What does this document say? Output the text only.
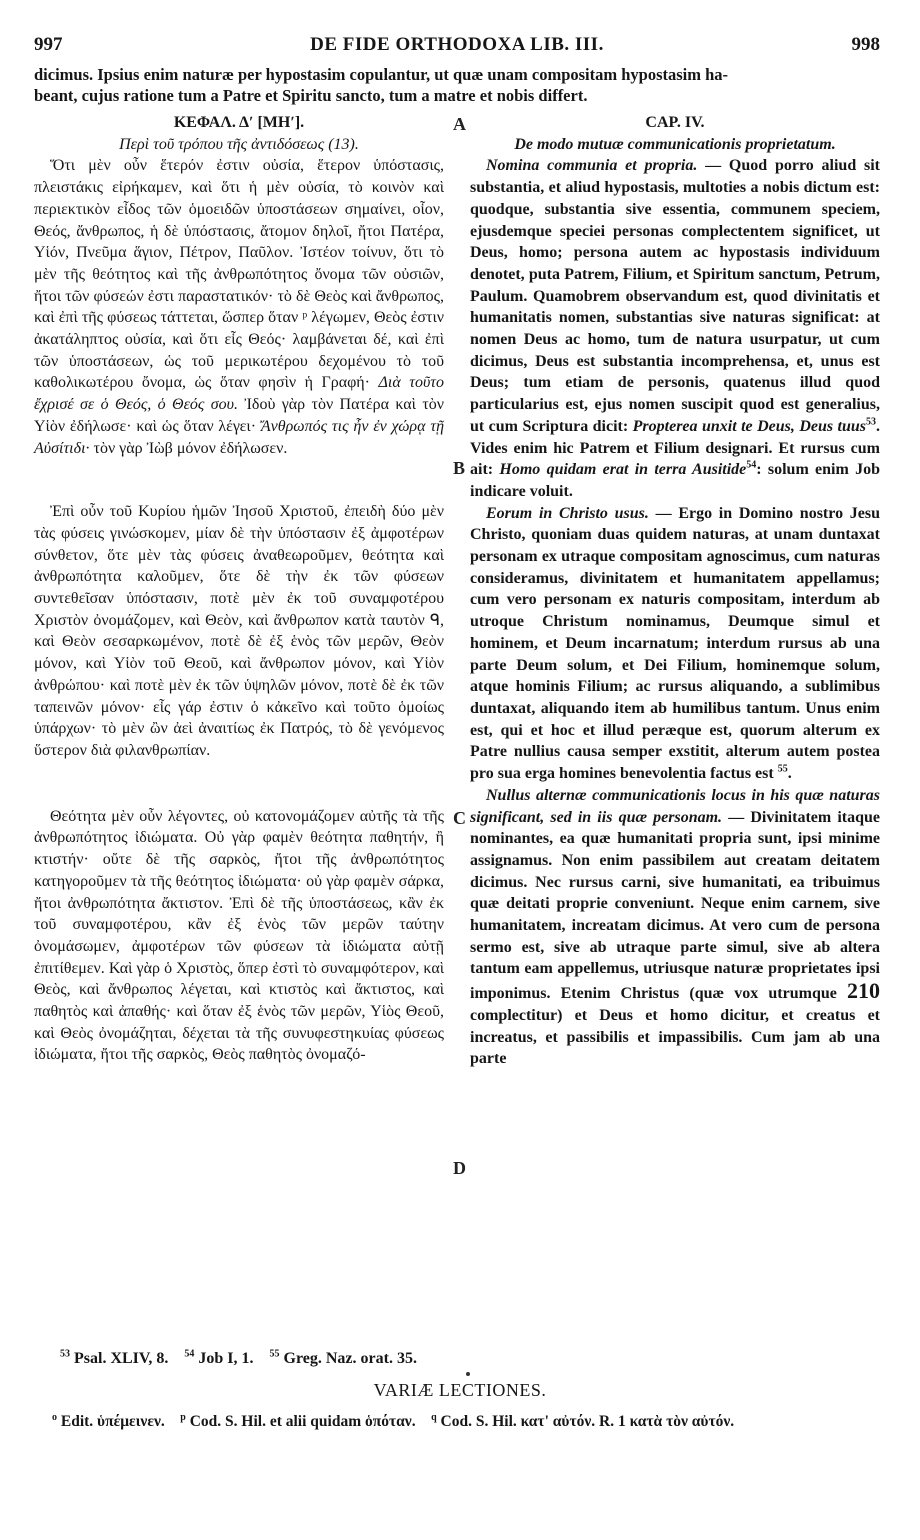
997	DE FIDE ORTHODOXA LIB. III.	998
dicimus. Ipsius enim naturæ per hypostasim copulantur, ut quæ unam compositam hypostasim ha-
beant, cujus ratione tum a Patre et Spiritu sancto, tum a matre et nobis differt.

ΚΕΦΑΛ. Δʹ [ΜΗʹ].

Περὶ τοῦ τρόπου τῆς ἀντιδόσεως (13).

Ὅτι μὲν οὖν ἕτερόν ἐστιν οὐσία, ἕτερον ὑπόστασις, πλειστάκις εἰρήκαμεν, καὶ ὅτι ἡ μὲν οὐσία, τὸ κοινὸν καὶ περιεκτικὸν εἶδος τῶν ὁμοειδῶν ὑποστάσεων σημαίνει, οἷον, Θεός, ἄνθρωπος, ἡ δὲ ὑπόστασις, ἄτομον δηλοῖ, ἤτοι Πατέρα, Υἱόν, Πνεῦμα ἅγιον, Πέτρον, Παῦλον. Ἰστέον τοίνυν, ὅτι τὸ μὲν τῆς θεότητος καὶ τῆς ἀνθρωπότητος ὄνομα τῶν οὐσιῶν, ἤτοι τῶν φύσεών ἐστι παραστατικόν· τὸ δὲ Θεὸς καὶ ἄνθρωπος, καὶ ἐπὶ τῆς φύσεως τάττεται, ὥσπερ ὅταν ᵖ λέγωμεν, Θεὸς ἐστιν ἀκατάληπτος οὐσία, καὶ ὅτι εἷς Θεός· λαμβάνεται δέ, καὶ ἐπὶ τῶν ὑποστάσεων, ὡς τοῦ μερικωτέρου δεχομένου τὸ τοῦ καθολικωτέρου ὄνομα, ὡς ὅταν φησὶν ἡ Γραφή· Διὰ τοῦτο ἔχρισέ σε ὁ Θεός, ὁ Θεός σου. Ἰδοὺ γὰρ τὸν Πατέρα καὶ τὸν Υἱὸν ἐδήλωσε· καὶ ὡς ὅταν λέγει· Ἄνθρωπός τις ἦν ἐν χώρᾳ τῇ Αὐσίτιδι· τὸν γὰρ Ἰὼβ μόνον ἐδήλωσεν.

Ἐπὶ οὖν τοῦ Κυρίου ἡμῶν Ἰησοῦ Χριστοῦ, ἐπειδὴ δύο μὲν τὰς φύσεις γινώσκομεν, μίαν δὲ τὴν ὑπόστασιν ἐξ ἀμφοτέρων σύνθετον, ὅτε μὲν τὰς φύσεις ἀναθεωροῦμεν, θεότητα καὶ ἀνθρωπότητα καλοῦμεν, ὅτε δὲ τὴν ἐκ τῶν φύσεων συντεθεῖσαν ὑπόστασιν, ποτὲ μὲν ἐκ τοῦ συναμφοτέρου Χριστὸν ὀνομάζομεν, καὶ Θεὸν, καὶ ἄνθρωπον κατὰ ταυτὸν ᑫ, καὶ Θεὸν σεσαρκωμένον, ποτὲ δὲ ἐξ ἑνὸς τῶν μερῶν, Θεὸν μόνον, καὶ Υἱὸν τοῦ Θεοῦ, καὶ ἄνθρωπον μόνον, καὶ Υἱὸν ἀνθρώπου· καὶ ποτὲ μὲν ἐκ τῶν ὑψηλῶν μόνον, ποτὲ δὲ ἐκ τῶν ταπεινῶν μόνον· εἷς γάρ ἐστιν ὁ κἀκεῖνο καὶ τοῦτο ὁμοίως ὑπάρχων· τὸ μὲν ὢν ἀεὶ ἀναιτίως ἐκ Πατρός, τὸ δὲ γενόμενος ὕστερον διὰ φιλανθρωπίαν.

Θεότητα μὲν οὖν λέγοντες, οὐ κατονομάζομεν αὐτῆς τὰ τῆς ἀνθρωπότητος ἰδιώματα. Οὐ γὰρ φαμὲν θεότητα παθητήν, ἢ κτιστήν· οὔτε δὲ τῆς σαρκὸς, ἤτοι τῆς ἀνθρωπότητος κατηγοροῦμεν τὰ τῆς θεότητος ἰδιώματα· οὐ γὰρ φαμὲν σάρκα, ἤτοι ἀνθρωπότητα ἄκτιστον. Ἐπὶ δὲ τῆς ὑποστάσεως, κἂν ἐκ τοῦ συναμφοτέρου, κἂν ἐξ ἑνὸς τῶν μερῶν ταύτην ὀνομάσωμεν, ἀμφοτέρων τῶν φύσεων τὰ ἰδιώματα αὐτῇ ἐπιτίθεμεν. Καὶ γὰρ ὁ Χριστὸς, ὅπερ ἐστὶ τὸ συναμφότερον, καὶ Θεὸς, καὶ ἄνθρωπος λέγεται, καὶ κτιστὸς καὶ ἄκτιστος, καὶ παθητὸς καὶ ἀπαθής· καὶ ὅταν ἐξ ἑνὸς τῶν μερῶν, Υἱὸς Θεοῦ, καὶ Θεὸς ὀνομάζηται, δέχεται τὰ τῆς συνυφεστηκυίας φύσεως ἰδιώματα, ἤτοι τῆς σαρκὸς, Θεὸς παθητὸς ὀνομαζό-

CAP. IV.

De modo mutuæ communicationis proprietatum.

Nomina communia et propria. — Quod porro aliud sit substantia, et aliud hypostasis, multoties a nobis dictum est: quodque, substantia sive essentia, communem speciem, ejusdemque speciei personas complectentem significet, ut Deus, homo; persona autem ac hypostasis individuum denotet, puta Patrem, Filium, et Spiritum sanctum, Petrum, Paulum. Quamobrem observandum est, quod divinitatis et humanitatis nomen, substantias sive naturas significat: at nomen Deus ac homo, tum de natura usurpatur, ut cum dicimus, Deus est substantia incomprehensa, et, unus est Deus; tum etiam de personis, quatenus illud quod particularius est, ejus nomen suscipit quod est generalius, ut cum Scriptura dicit: Propterea unxit te Deus, Deus tuus$^{53}$. Vides enim hic Patrem et Filium designari. Et rursus cum ait: Homo quidam erat in terra Ausitide$^{54}$: solum enim Job indicare voluit.

Eorum in Christo usus. — Ergo in Domino nostro Jesu Christo, quoniam duas quidem naturas, at unam duntaxat personam ex utraque compositam agnoscimus, cum naturas consideramus, divinitatem et humanitatem appellamus; cum vero personam ex naturis compositam, interdum ab utroque Christum nominamus, Deumque simul et hominem, et Deum incarnatum; interdum rursus ab una parte Deum solum, et Dei Filium, hominemque solum, atque hominis Filium; ac rursus aliquando, a sublimibus duntaxat, aliquando item ab humilibus tantum. Unus enim est, qui et hoc et illud peræque est, quorum alterum ex Patre nullius causa semper exstitit, alterum autem postea pro sua erga homines benevolentia factus est $^{55}$.

Nullus alternæ communicationis locus in his quæ naturas significant, sed in iis quæ personam. — Divinitatem itaque nominantes, ea quæ humanitati propria sunt, ipsi minime assignamus. Non enim passibilem aut creatam deitatem dicimus. Nec rursus carni, sive humanitati, ea tribuimus quæ deitati proprie conveniunt. Neque enim carnem, sive humanitatem, increatam dicimus. At vero cum de persona sermo est, sive ab utraque parte simul, sive ab altera tantum eam appellemus, utriusque naturæ proprietates ipsi imponimus. Etenim Christus (quæ vox utrumque 210 complectitur) et Deus et homo dicitur, et creatus et increatus, et passibilis et impassibilis. Cum jam ab una parte

A
B
C
D
$^{53}$ Psal. XLIV, 8. $^{54}$ Job I, 1. $^{55}$ Greg. Naz. orat. 35.
VARIÆ LECTIONES.
$^o$ Edit. ὑπέμεινεν. $^p$ Cod. S. Hil. et alii quidam ὁπόταν. $^q$ Cod. S. Hil. κατ' αὐτόν. R. 1 κατὰ τὸν αὐτόν.
